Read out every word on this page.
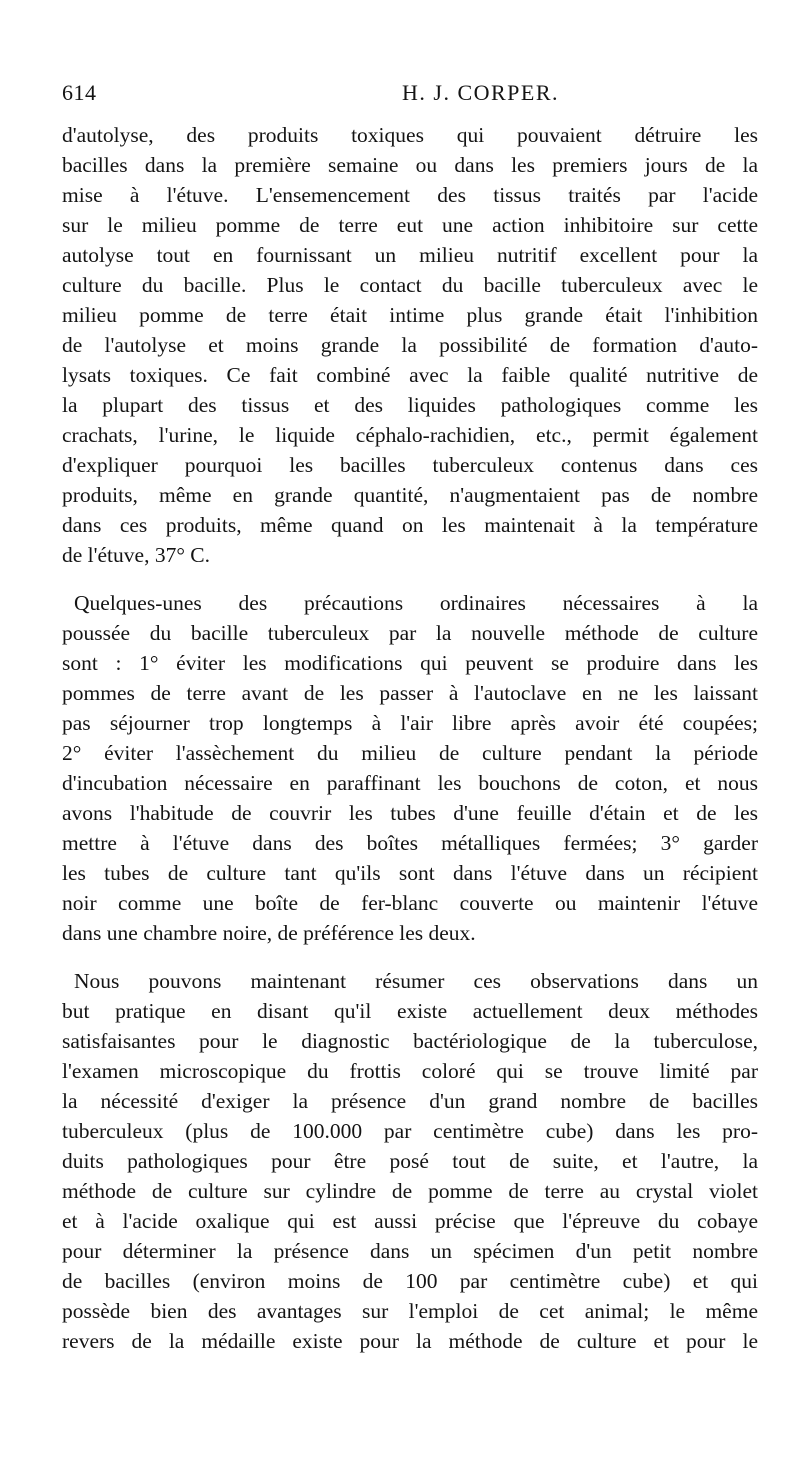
614	H. J. CORPER.
d'autolyse, des produits toxiques qui pouvaient détruire les
bacilles dans la première semaine ou dans les premiers jours de la
mise à l'étuve. L'ensemencement des tissus traités par l'acide
sur le milieu pomme de terre eut une action inhibitoire sur cette
autolyse tout en fournissant un milieu nutritif excellent pour la
culture du bacille. Plus le contact du bacille tuberculeux avec le
milieu pomme de terre était intime plus grande était l'inhibition
de l'autolyse et moins grande la possibilité de formation d'auto-
lysats toxiques. Ce fait combiné avec la faible qualité nutritive de
la plupart des tissus et des liquides pathologiques comme les
crachats, l'urine, le liquide céphalo-rachidien, etc., permit également
d'expliquer pourquoi les bacilles tuberculeux contenus dans ces
produits, même en grande quantité, n'augmentaient pas de nombre
dans ces produits, même quand on les maintenait à la température
de l'étuve, 37° C.
Quelques-unes des précautions ordinaires nécessaires à la
poussée du bacille tuberculeux par la nouvelle méthode de culture
sont : 1° éviter les modifications qui peuvent se produire dans les
pommes de terre avant de les passer à l'autoclave en ne les laissant
pas séjourner trop longtemps à l'air libre après avoir été coupées;
2° éviter l'assèchement du milieu de culture pendant la période
d'incubation nécessaire en paraffinant les bouchons de coton, et nous
avons l'habitude de couvrir les tubes d'une feuille d'étain et de les
mettre à l'étuve dans des boîtes métalliques fermées; 3° garder
les tubes de culture tant qu'ils sont dans l'étuve dans un récipient
noir comme une boîte de fer-blanc couverte ou maintenir l'étuve
dans une chambre noire, de préférence les deux.
Nous pouvons maintenant résumer ces observations dans un
but pratique en disant qu'il existe actuellement deux méthodes
satisfaisantes pour le diagnostic bactériologique de la tuberculose,
l'examen microscopique du frottis coloré qui se trouve limité par
la nécessité d'exiger la présence d'un grand nombre de bacilles
tuberculeux (plus de 100.000 par centimètre cube) dans les pro-
duits pathologiques pour être posé tout de suite, et l'autre, la
méthode de culture sur cylindre de pomme de terre au crystal violet
et à l'acide oxalique qui est aussi précise que l'épreuve du cobaye
pour déterminer la présence dans un spécimen d'un petit nombre
de bacilles (environ moins de 100 par centimètre cube) et qui
possède bien des avantages sur l'emploi de cet animal; le même
revers de la médaille existe pour la méthode de culture et pour le
